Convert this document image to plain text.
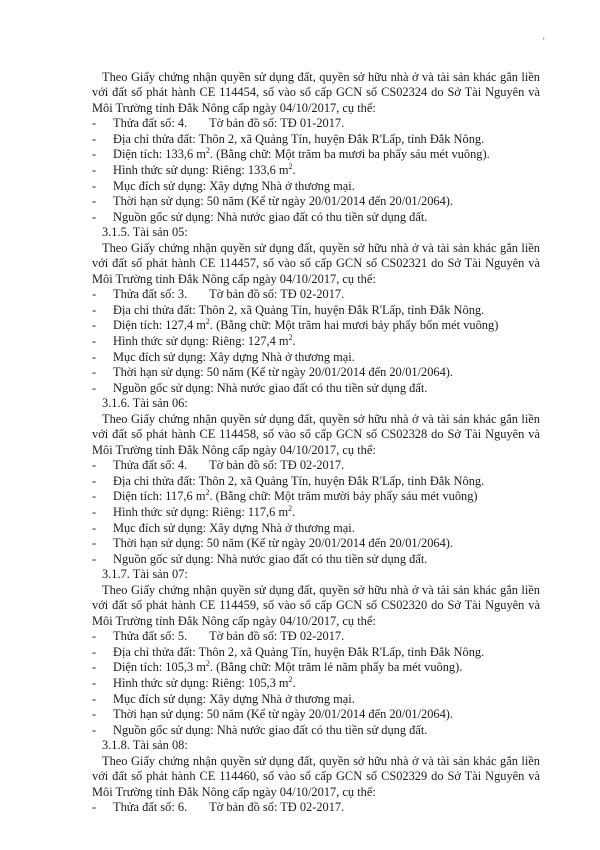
'

Theo Giấy chứng nhận quyền sử dụng đất, quyền sở hữu nhà ở và tài sản khác gắn liền với đất số phát hành CE 114454, số vào sổ cấp GCN số CS02324 do Sở Tài Nguyên và Môi Trường tỉnh Đắk Nông cấp ngày 04/10/2017, cụ thể:

- Thửa đất số: 4. Tờ bản đồ số: TĐ 01-2017.
- Địa chỉ thửa đất: Thôn 2, xã Quảng Tín, huyện Đắk R'Lấp, tỉnh Đắk Nông.
- Diện tích: 133,6 $m^2$. (Bằng chữ: Một trăm ba mươi ba phẩy sáu mét vuông).
- Hình thức sử dụng: Riêng: 133,6 $m^2$.
- Mục đích sử dụng: Xây dựng Nhà ở thương mại.
- Thời hạn sử dụng: 50 năm (Kể từ ngày 20/01/2014 đến 20/01/2064).
- Nguồn gốc sử dụng: Nhà nước giao đất có thu tiền sử dụng đất.

3.1.5. Tài sản 05:

Theo Giấy chứng nhận quyền sử dụng đất, quyền sở hữu nhà ở và tài sản khác gắn liền với đất số phát hành CE 114457, số vào sổ cấp GCN số CS02321 do Sở Tài Nguyên và Môi Trường tỉnh Đắk Nông cấp ngày 04/10/2017, cụ thể:

- Thửa đất số: 3. Tờ bản đồ số: TĐ 02-2017.
- Địa chỉ thửa đất: Thôn 2, xã Quảng Tín, huyện Đắk R'Lấp, tỉnh Đắk Nông.
- Diện tích: 127,4 $m^2$. (Bằng chữ: Một trăm hai mươi bảy phẩy bốn mét vuông)
- Hình thức sử dụng: Riêng: 127,4 $m^2$.
- Mục đích sử dụng: Xây dựng Nhà ở thương mại.
- Thời hạn sử dụng: 50 năm (Kể từ ngày 20/01/2014 đến 20/01/2064).
- Nguồn gốc sử dụng: Nhà nước giao đất có thu tiền sử dụng đất.

3.1.6. Tài sản 06:

Theo Giấy chứng nhận quyền sử dụng đất, quyền sở hữu nhà ở và tài sản khác gắn liền với đất số phát hành CE 114458, số vào sổ cấp GCN số CS02328 do Sở Tài Nguyên và Môi Trường tỉnh Đắk Nông cấp ngày 04/10/2017, cụ thể:

- Thửa đất số: 4. Tờ bản đồ số: TĐ 02-2017.
- Địa chỉ thửa đất: Thôn 2, xã Quảng Tín, huyện Đắk R'Lấp, tỉnh Đắk Nông.
- Diện tích: 117,6 $m^2$. (Bằng chữ: Một trăm mười bảy phẩy sáu mét vuông)
- Hình thức sử dụng: Riêng: 117,6 $m^2$.
- Mục đích sử dụng: Xây dựng Nhà ở thương mại.
- Thời hạn sử dụng: 50 năm (Kể từ ngày 20/01/2014 đến 20/01/2064).
- Nguồn gốc sử dụng: Nhà nước giao đất có thu tiền sử dụng đất.

3.1.7. Tài sản 07:

Theo Giấy chứng nhận quyền sử dụng đất, quyền sở hữu nhà ở và tài sản khác gắn liền với đất số phát hành CE 114459, số vào sổ cấp GCN số CS02320 do Sở Tài Nguyên và Môi Trường tỉnh Đắk Nông cấp ngày 04/10/2017, cụ thể:

- Thửa đất số: 5. Tờ bản đồ số: TĐ 02-2017.
- Địa chỉ thửa đất: Thôn 2, xã Quảng Tín, huyện Đắk R'Lấp, tỉnh Đắk Nông.
- Diện tích: 105,3 $m^2$. (Bằng chữ: Một trăm lẻ năm phẩy ba mét vuông).
- Hình thức sử dụng: Riêng: 105,3 $m^2$.
- Mục đích sử dụng: Xây dựng Nhà ở thương mại.
- Thời hạn sử dụng: 50 năm (Kể từ ngày 20/01/2014 đến 20/01/2064).
- Nguồn gốc sử dụng: Nhà nước giao đất có thu tiền sử dụng đất.

3.1.8. Tài sản 08:

Theo Giấy chứng nhận quyền sử dụng đất, quyền sở hữu nhà ở và tài sản khác gắn liền với đất số phát hành CE 114460, số vào sổ cấp GCN số CS02329 do Sở Tài Nguyên và Môi Trường tỉnh Đắk Nông cấp ngày 04/10/2017, cụ thể:

- Thửa đất số: 6. Tờ bản đồ số: TĐ 02-2017.
